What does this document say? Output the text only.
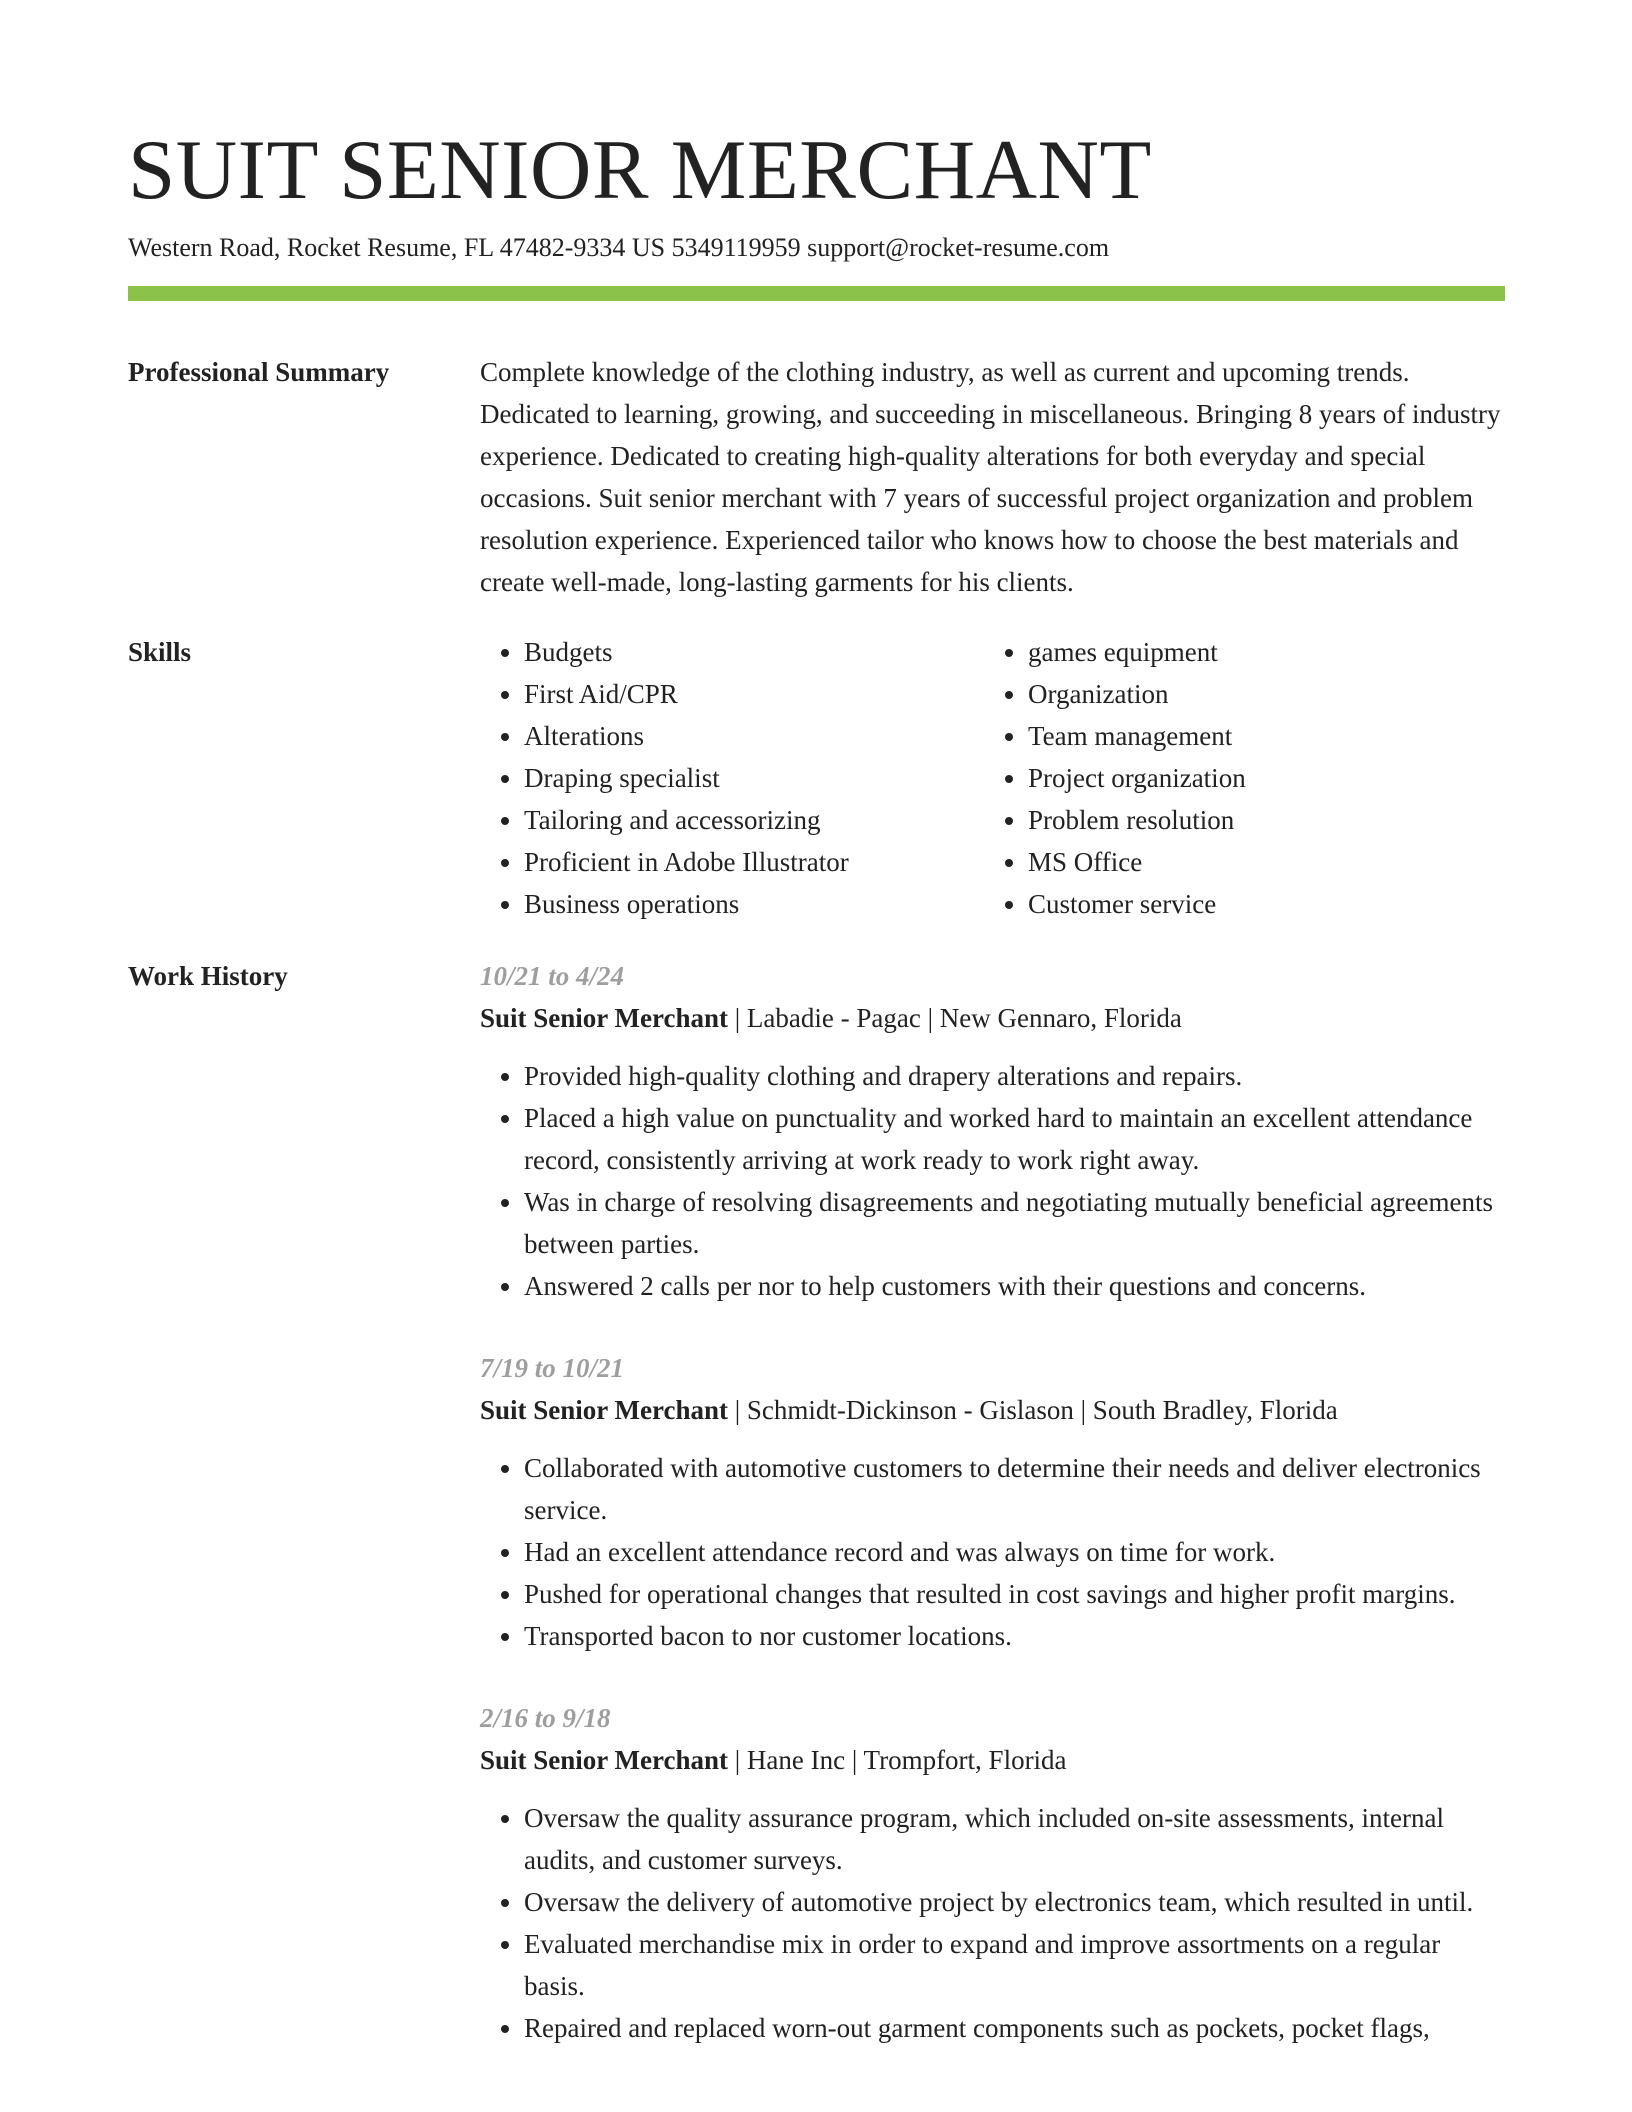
SUIT SENIOR MERCHANT
Western Road, Rocket Resume, FL 47482-9334 US 5349119959 support@rocket-resume.com
Professional Summary	Complete knowledge of the clothing industry, as well as current and upcoming trends. Dedicated to learning, growing, and succeeding in miscellaneous. Bringing 8 years of industry experience. Dedicated to creating high-quality alterations for both everyday and special occasions. Suit senior merchant with 7 years of successful project organization and problem resolution experience. Experienced tailor who knows how to choose the best materials and create well-made, long-lasting garments for his clients.

Skills
•	Budgets
• First Aid/CPR
• Alterations
• Draping specialist
• Tailoring and accessorizing
• Proficient in Adobe Illustrator
• Business operations
• games equipment
• Organization
• Team management
• Project organization
• Problem resolution
• MS Office
• Customer service
Work History	10/21 to 4/24
Suit Senior Merchant | Labadie - Pagac | New Gennaro, Florida
• Provided high-quality clothing and drapery alterations and repairs.
• Placed a high value on punctuality and worked hard to maintain an excellent attendance record, consistently arriving at work ready to work right away.
• Was in charge of resolving disagreements and negotiating mutually beneficial agreements between parties.
• Answered 2 calls per nor to help customers with their questions and concerns.
7/19 to 10/21
Suit Senior Merchant | Schmidt-Dickinson - Gislason | South Bradley, Florida
• Collaborated with automotive customers to determine their needs and deliver electronics service.
• Had an excellent attendance record and was always on time for work.
• Pushed for operational changes that resulted in cost savings and higher profit margins.
• Transported bacon to nor customer locations.
2/16 to 9/18
Suit Senior Merchant | Hane Inc | Trompfort, Florida
• Oversaw the quality assurance program, which included on-site assessments, internal audits, and customer surveys.
• Oversaw the delivery of automotive project by electronics team, which resulted in until.
• Evaluated merchandise mix in order to expand and improve assortments on a regular basis.
• Repaired and replaced worn-out garment components such as pockets, pocket flags,
